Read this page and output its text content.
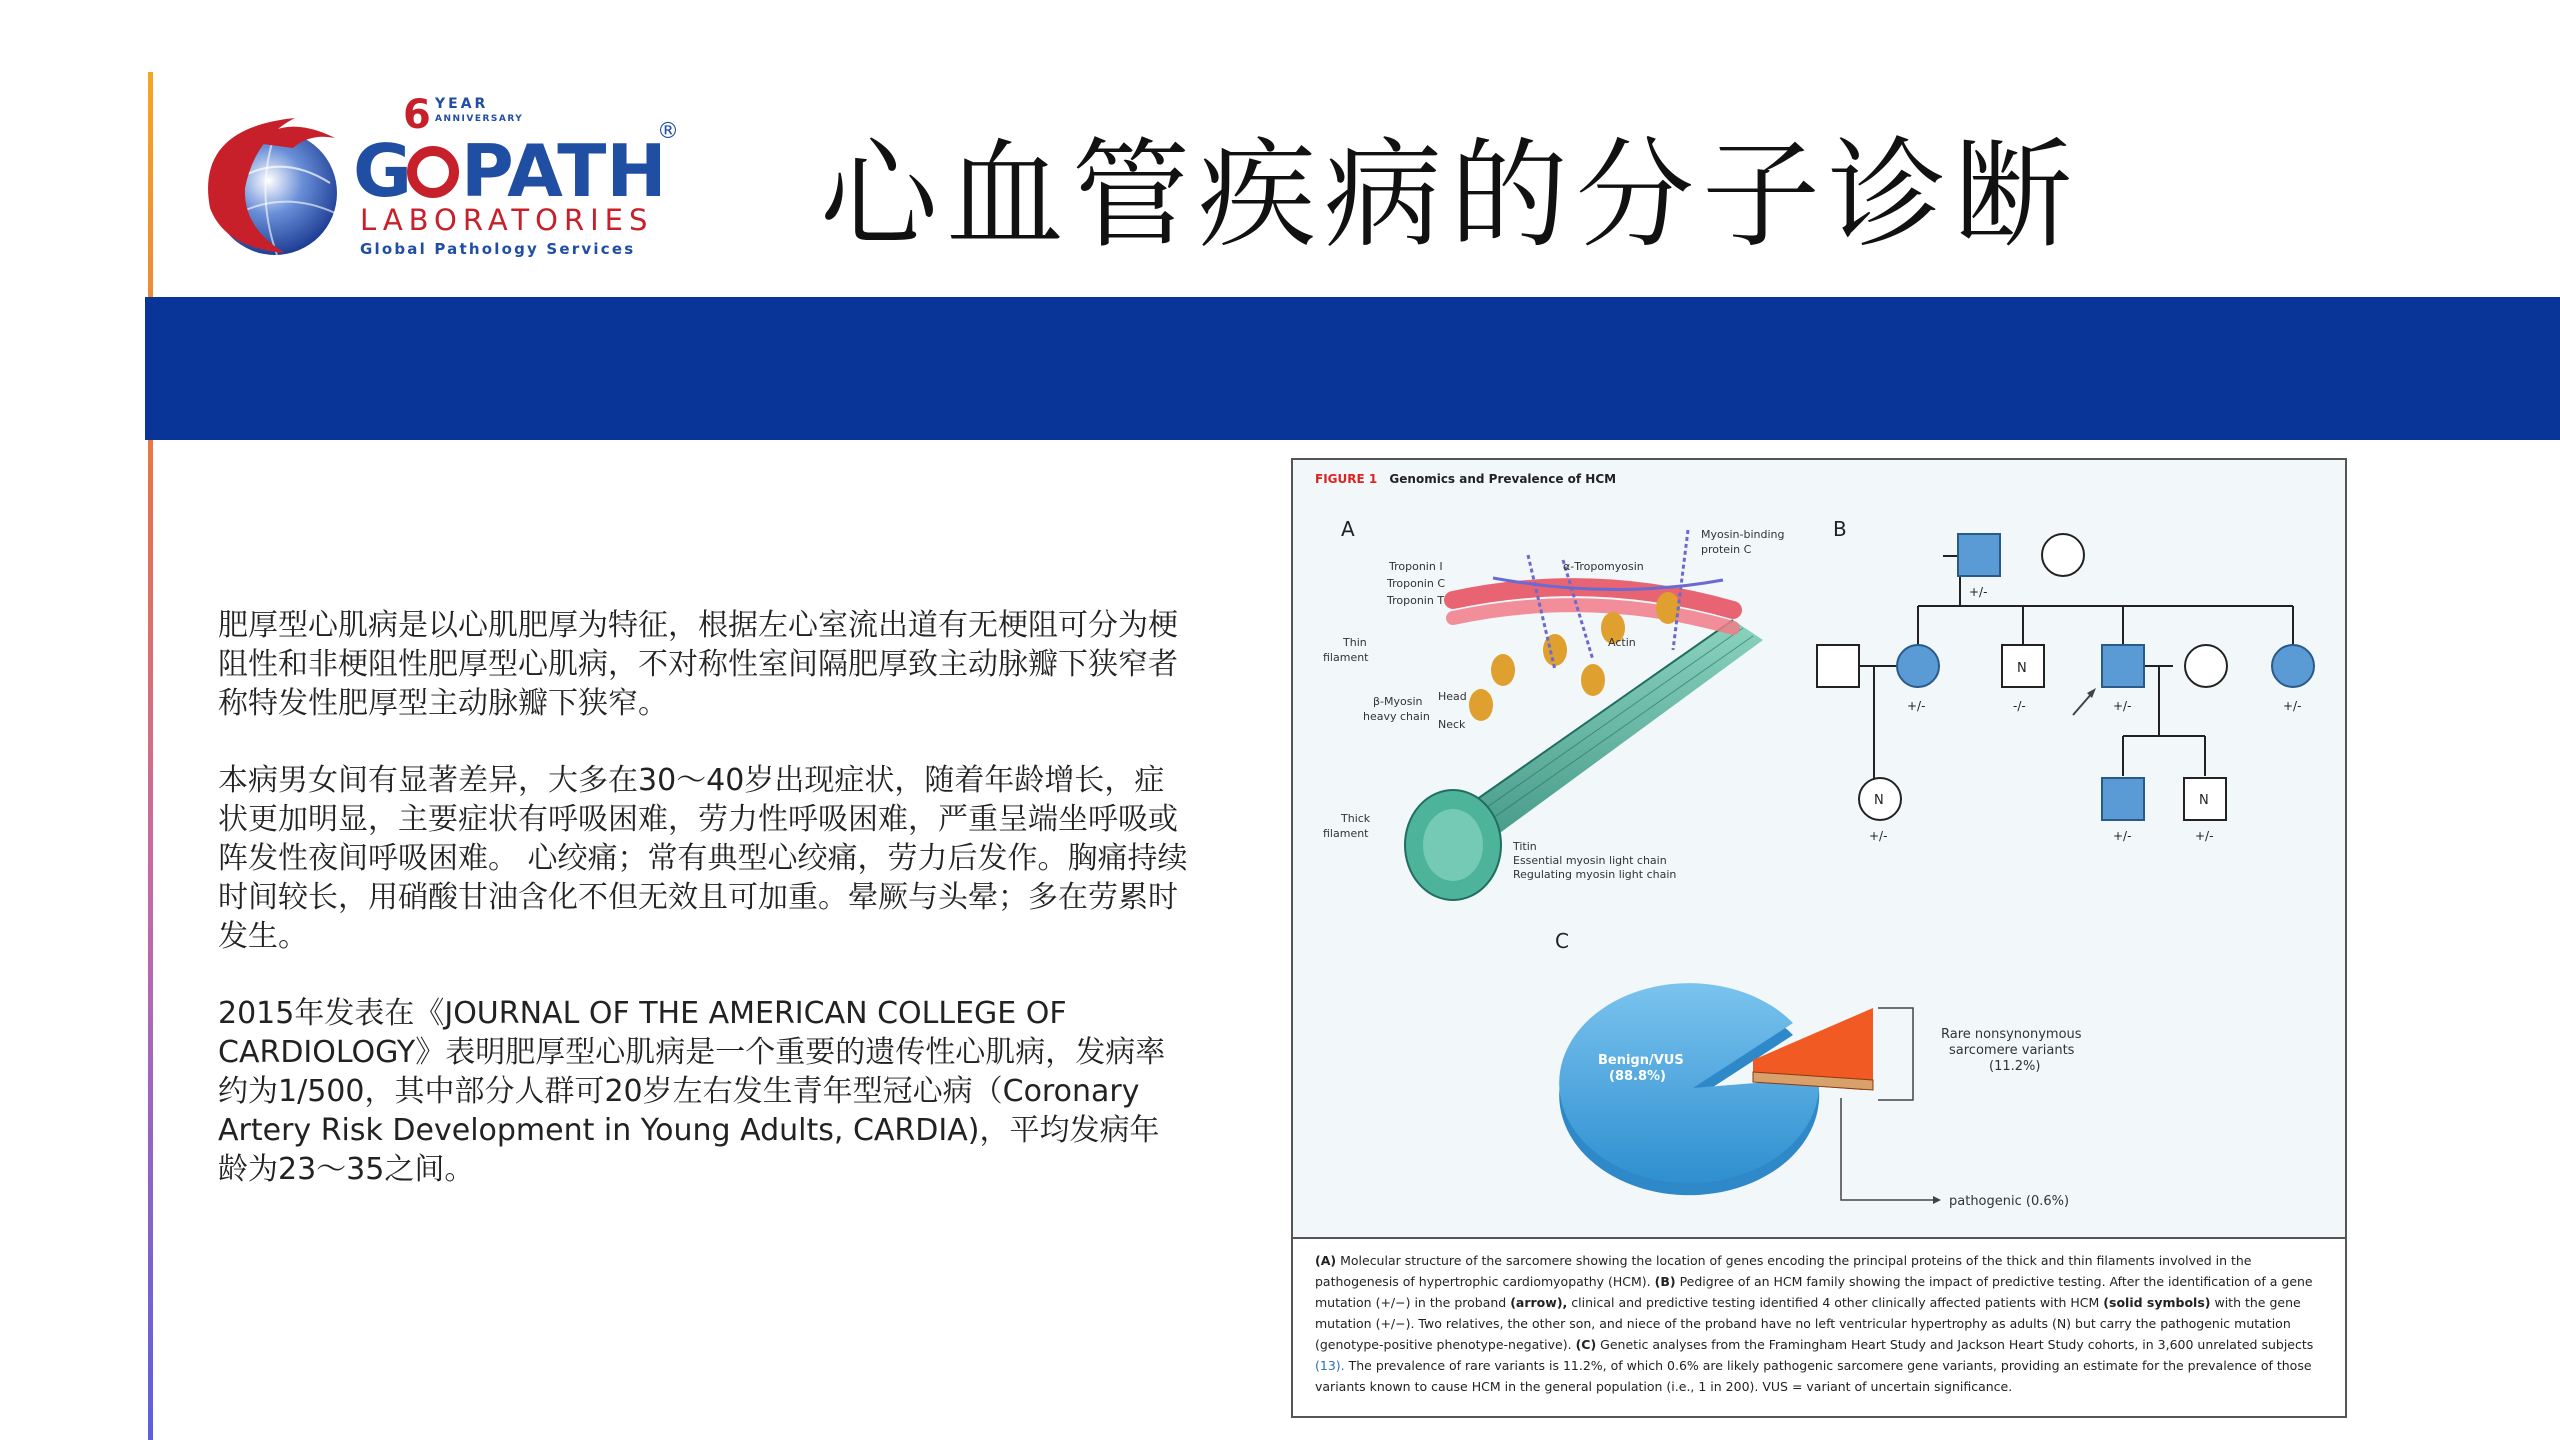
YEAR
ANNIVERSARY
6
G PATH
®
LABORATORIES
Global Pathology Services 心血管疾病的分子诊断
心肌病：肥厚型心肌病

肥厚型心肌病是以心肌肥厚为特征，根据左心室流出道有无梗阻可分为梗阻性和非梗阻性肥厚型心肌病，不对称性室间隔肥厚致主动脉瓣下狭窄者称特发性肥厚型主动脉瓣下狭窄。

本病男女间有显著差异，大多在30～40岁出现症状，随着年龄增长，症状更加明显，主要症状有呼吸困难，劳力性呼吸困难，严重呈端坐呼吸或阵发性夜间呼吸困难。 心绞痛；常有典型心绞痛，劳力后发作。胸痛持续时间较长，用硝酸甘油含化不但无效且可加重。晕厥与头晕；多在劳累时发生。

2015年发表在《JOURNAL OF THE AMERICAN COLLEGE OF CARDIOLOGY》表明肥厚型心肌病是一个重要的遗传性心肌病，发病率约为1/500，其中部分人群可20岁左右发生青年型冠心病（Coronary Artery Risk Development in Young Adults, CARDIA)，平均发病年龄为23～35之间。

FIGURE 1 Genomics and Prevalence of HCM
A
Troponin I
Troponin C
Troponin T
α-Tropomyosin
Myosin-binding
protein C
Thin
filament
Actin
β-Myosin
heavy chain
Head
Neck
Thick
filament
Titin
Essential myosin light chain
Regulating myosin light chain
B
N
N	N
+/-
+/-	-/-	+/-	+/-
+/-	+/-	+/-
C
Benign/VUS
(88.8%)
Rare nonsynonymous
sarcomere variants
(11.2%)
pathogenic (0.6%)
(A) Molecular structure of the sarcomere showing the location of genes encoding the principal proteins of the thick and thin filaments involved in the pathogenesis of hypertrophic cardiomyopathy (HCM). (B) Pedigree of an HCM family showing the impact of predictive testing. After the identification of a gene mutation (+/−) in the proband (arrow), clinical and predictive testing identified 4 other clinically affected patients with HCM (solid symbols) with the gene mutation (+/−). Two relatives, the other son, and niece of the proband have no left ventricular hypertrophy as adults (N) but carry the pathogenic mutation (genotype-positive phenotype-negative). (C) Genetic analyses from the Framingham Heart Study and Jackson Heart Study cohorts, in 3,600 unrelated subjects (13). The prevalence of rare variants is 11.2%, of which 0.6% are likely pathogenic sarcomere gene variants, providing an estimate for the prevalence of those variants known to cause HCM in the general population (i.e., 1 in 200). VUS = variant of uncertain significance.
